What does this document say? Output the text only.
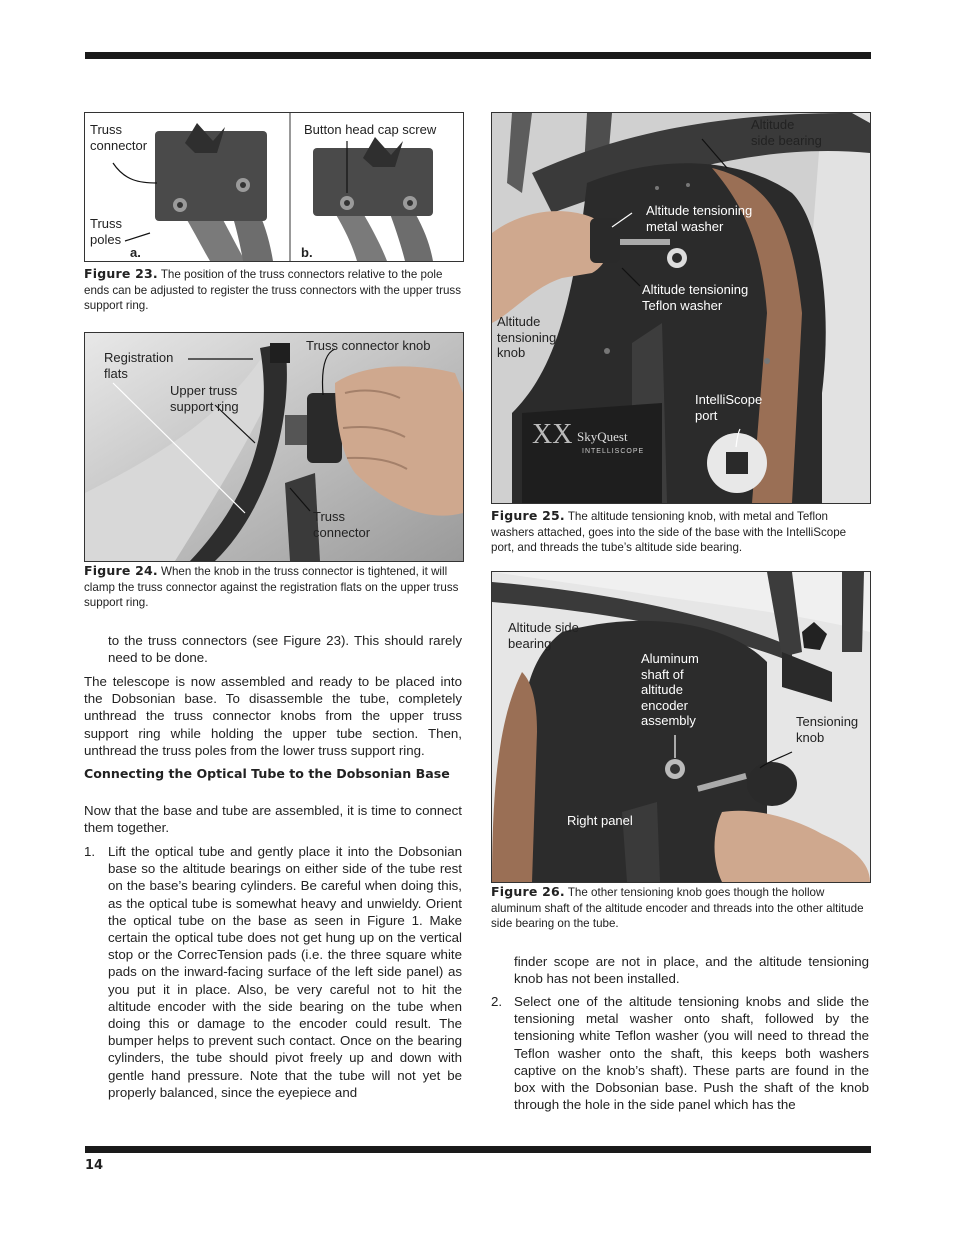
Truss
connector
Truss
poles
a.
Button head cap screw
b.
Figure 23. The position of the truss connectors relative to the pole ends can be adjusted to register the truss connectors with the upper truss support ring.
Registration
flats
Upper truss
support ring
Truss connector knob
Truss
connector
Figure 24. When the knob in the truss connector is tightened, it will clamp the truss connector against the registration flats on the upper truss support ring.
XX SkyQuest
INTELLISCOPE
Altitude
side bearing
Altitude tensioning
metal washer
Altitude tensioning
Teflon washer
Altitude
tensioning
knob
IntelliScope
port
Figure 25. The altitude tensioning knob, with metal and Teflon washers attached, goes into the side of the base with the IntelliScope port, and threads the tube’s altitude side bearing.
Altitude side
bearing
Aluminum
shaft of
altitude
encoder
assembly	Tensioning
knob
Right panel
Figure 26. The other tensioning knob goes though the hollow aluminum shaft of the altitude encoder and threads into the other altitude side bearing on the tube.
to the truss connectors (see Figure 23). This should rarely need to be done.
The telescope is now assembled and ready to be placed into the Dobsonian base. To disassemble the tube, completely unthread the truss connector knobs from the upper truss support ring while holding the upper tube section. Then, unthread the truss poles from the lower truss support ring.
Connecting the Optical Tube to the Dobsonian Base
Now that the base and tube are assembled, it is time to connect them together.
1. Lift the optical tube and gently place it into the Dobsonian base so the altitude bearings on either side of the tube rest on the base’s bearing cylinders. Be careful when doing this, as the optical tube is somewhat heavy and unwieldy. Orient the optical tube on the base as seen in Figure 1. Make certain the optical tube does not get hung up on the vertical stop or the CorrecTension pads (i.e. the three square white pads on the inward-facing surface of the left side panel) as you put it in place. Also, be very careful not to hit the altitude encoder with the side bearing on the tube when doing this or damage to the encoder could result. The bumper helps to prevent such contact. Once on the bearing cylinders, the tube should pivot freely up and down with gentle hand pressure. Note that the tube will not yet be properly balanced, since the eyepiece and
finder scope are not in place, and the altitude tensioning knob has not been installed.
2. Select one of the altitude tensioning knobs and slide the tensioning metal washer onto shaft, followed by the tensioning white Teflon washer (you will need to thread the Teflon washer onto the shaft, this keeps both washers captive on the knob’s shaft). These parts are found in the box with the Dobsonian base. Push the shaft of the knob through the hole in the side panel which has the
14
